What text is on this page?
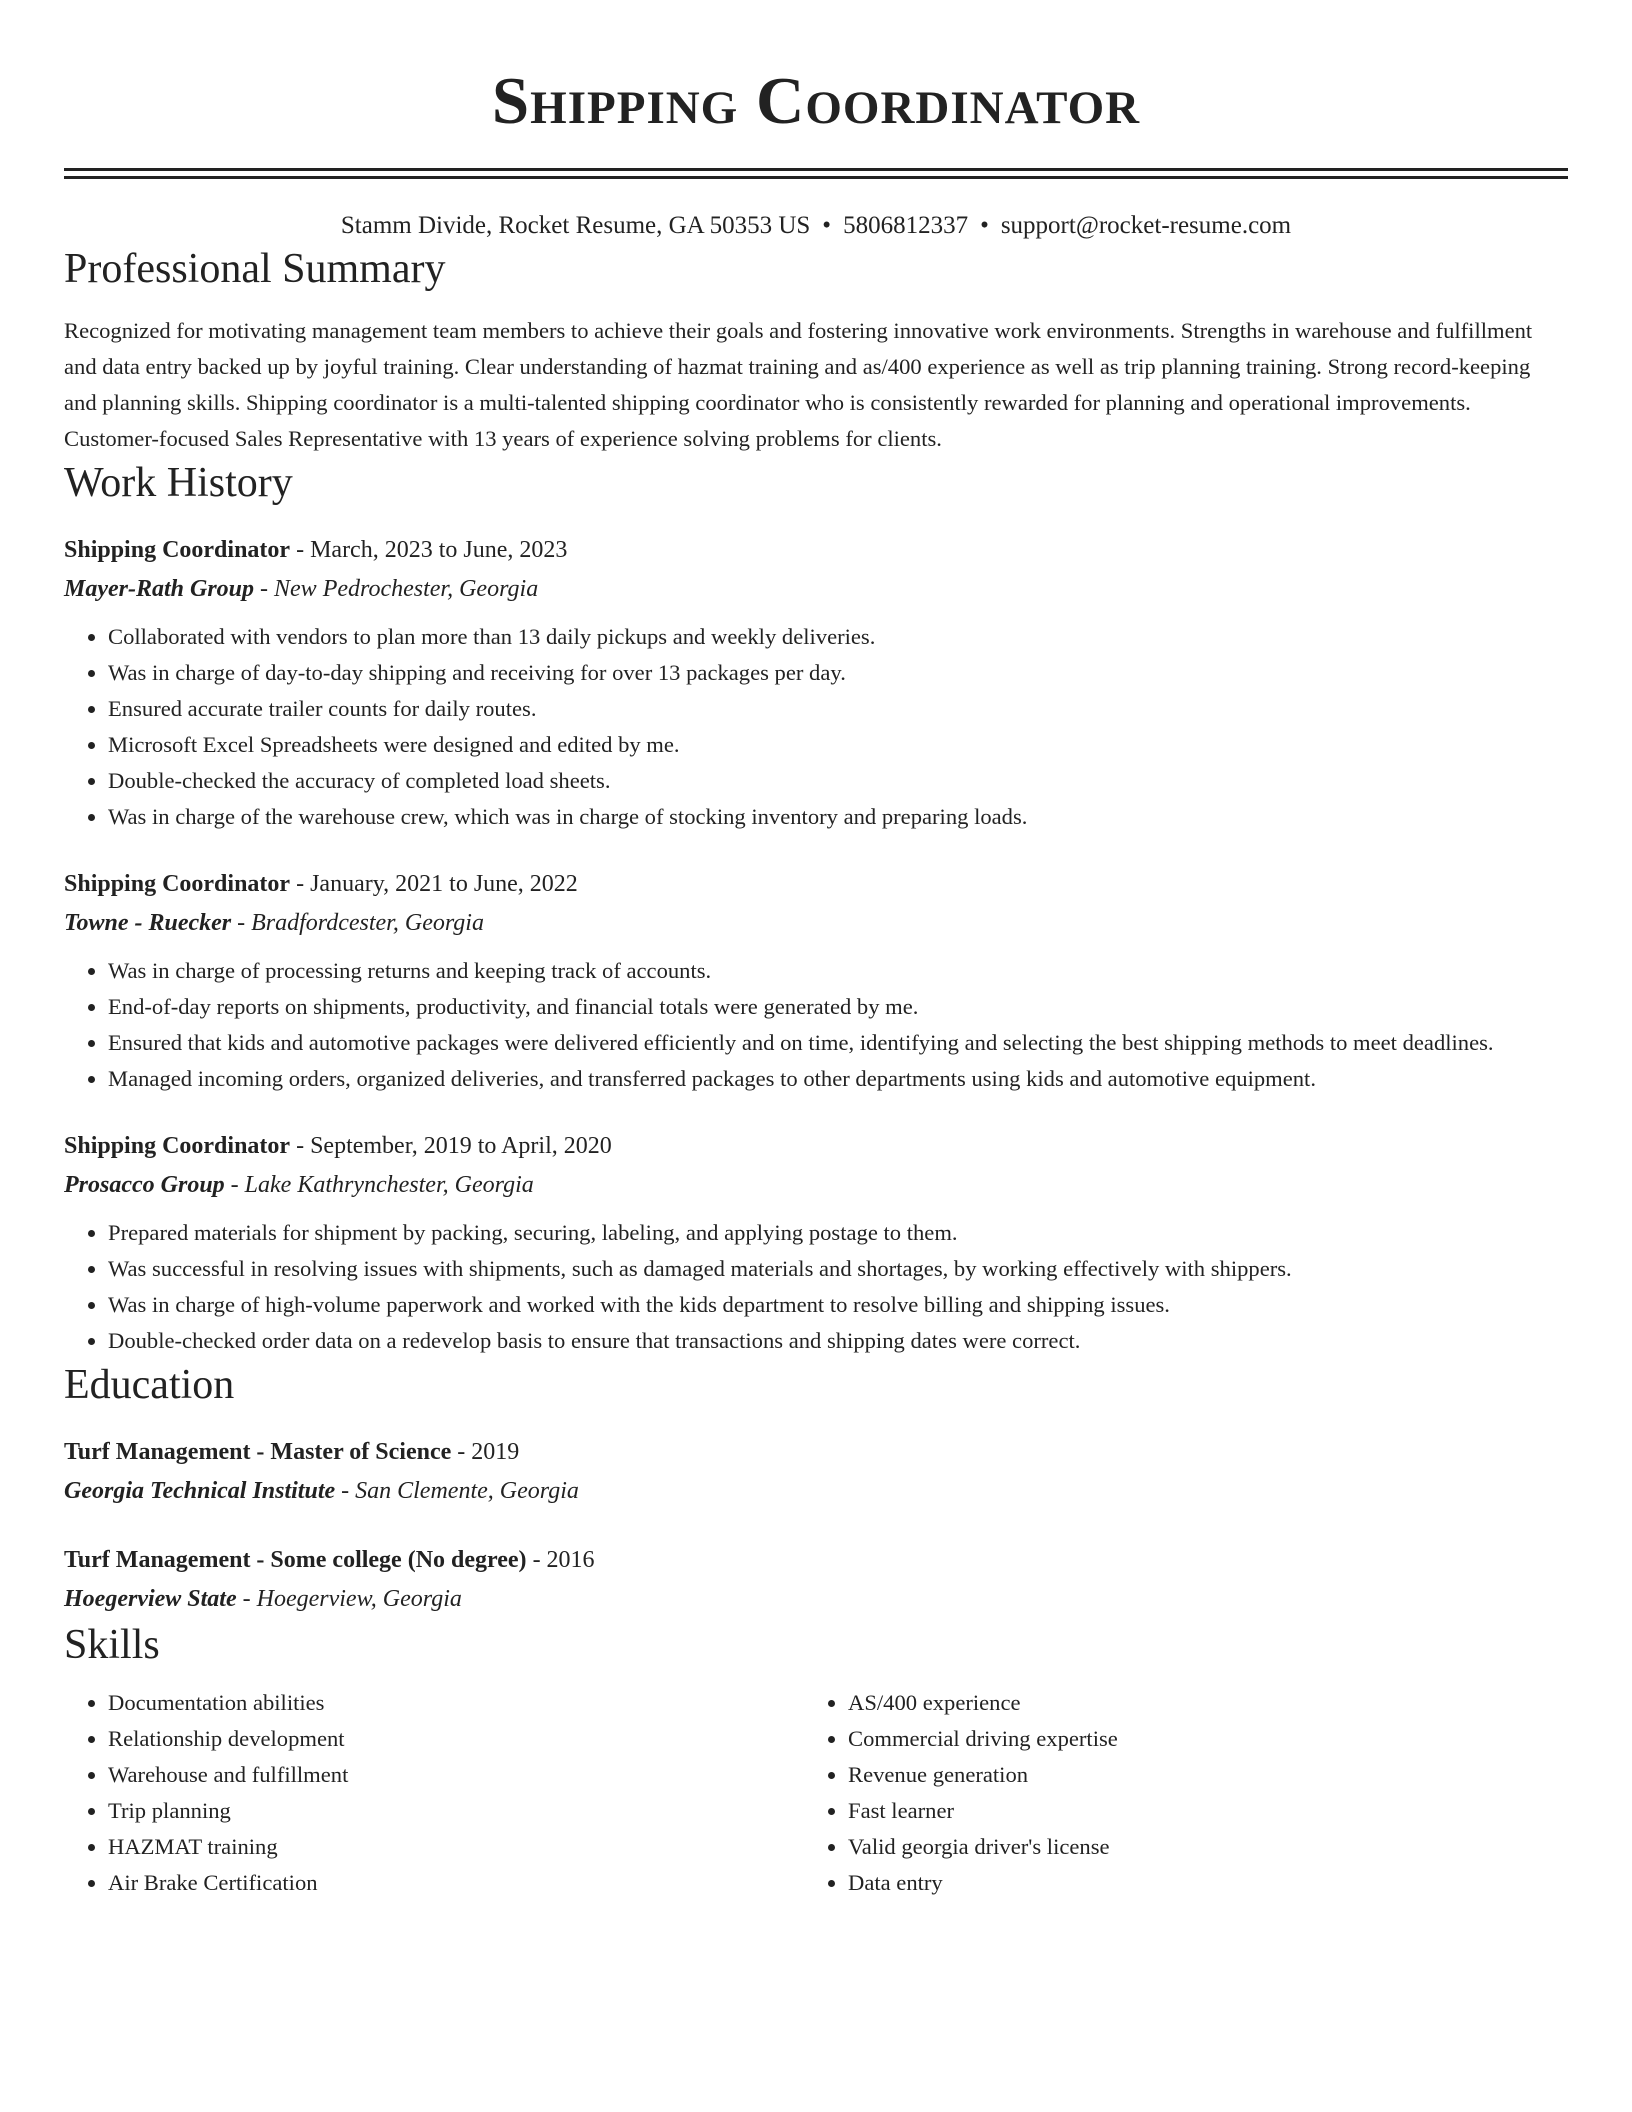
Shipping Coordinator
Stamm Divide, Rocket Resume, GA 50353 US • 5806812337 • support@rocket-resume.com
Professional Summary

Recognized for motivating management team members to achieve their goals and fostering innovative work environments. Strengths in warehouse and fulfillment and data entry backed up by joyful training. Clear understanding of hazmat training and as/400 experience as well as trip planning training. Strong record-keeping and planning skills. Shipping coordinator is a multi-talented shipping coordinator who is consistently rewarded for planning and operational improvements. Customer-focused Sales Representative with 13 years of experience solving problems for clients.

Work History
Shipping Coordinator - March, 2023 to June, 2023
Mayer-Rath Group - New Pedrochester, Georgia
• Collaborated with vendors to plan more than 13 daily pickups and weekly deliveries.
• Was in charge of day-to-day shipping and receiving for over 13 packages per day.
• Ensured accurate trailer counts for daily routes.
• Microsoft Excel Spreadsheets were designed and edited by me.
• Double-checked the accuracy of completed load sheets.
• Was in charge of the warehouse crew, which was in charge of stocking inventory and preparing loads.
Shipping Coordinator - January, 2021 to June, 2022
Towne - Ruecker - Bradfordcester, Georgia
• Was in charge of processing returns and keeping track of accounts.
• End-of-day reports on shipments, productivity, and financial totals were generated by me.
• Ensured that kids and automotive packages were delivered efficiently and on time, identifying and selecting the best shipping methods to meet deadlines.
• Managed incoming orders, organized deliveries, and transferred packages to other departments using kids and automotive equipment.
Shipping Coordinator - September, 2019 to April, 2020
Prosacco Group - Lake Kathrynchester, Georgia
• Prepared materials for shipment by packing, securing, labeling, and applying postage to them.
• Was successful in resolving issues with shipments, such as damaged materials and shortages, by working effectively with shippers.
• Was in charge of high-volume paperwork and worked with the kids department to resolve billing and shipping issues.
• Double-checked order data on a redevelop basis to ensure that transactions and shipping dates were correct.
Education
Turf Management - Master of Science - 2019
Georgia Technical Institute - San Clemente, Georgia
Turf Management - Some college (No degree) - 2016
Hoegerview State - Hoegerview, Georgia
Skills
• Documentation abilities
• Relationship development
• Warehouse and fulfillment
• Trip planning
• HAZMAT training
• Air Brake Certification
• AS/400 experience
• Commercial driving expertise
• Revenue generation
• Fast learner
• Valid georgia driver's license
• Data entry
